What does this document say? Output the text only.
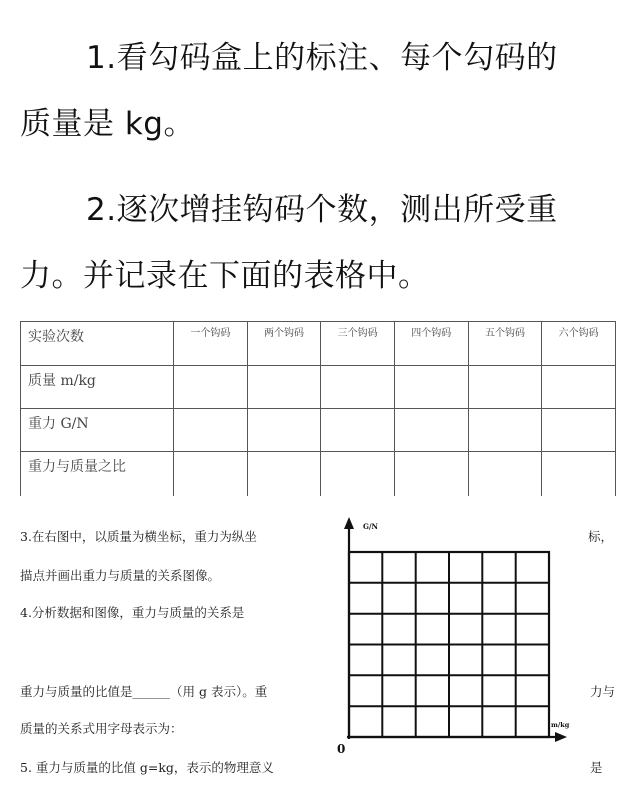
1.看勾码盒上的标注、每个勾码的
质量是 kg。
2.逐次增挂钩码个数，测出所受重
力。并记录在下面的表格中。
实验次数	一个钩码	两个钩码	三个钩码	四个钩码	五个钩码	六个钩码
质量 m/kg						
重力 G/N						
重力与质量之比						
3.在右图中，以质量为横坐标，重力为纵坐	标，
描点并画出重力与质量的关系图像。
4.分析数据和图像，重力与质量的关系是
重力与质量的比值是______（用 g 表示）。重	力与
质量的关系式用字母表示为：
5. 重力与质量的比值 g=kg，表示的物理意义	是
G/N
m/kg
0
